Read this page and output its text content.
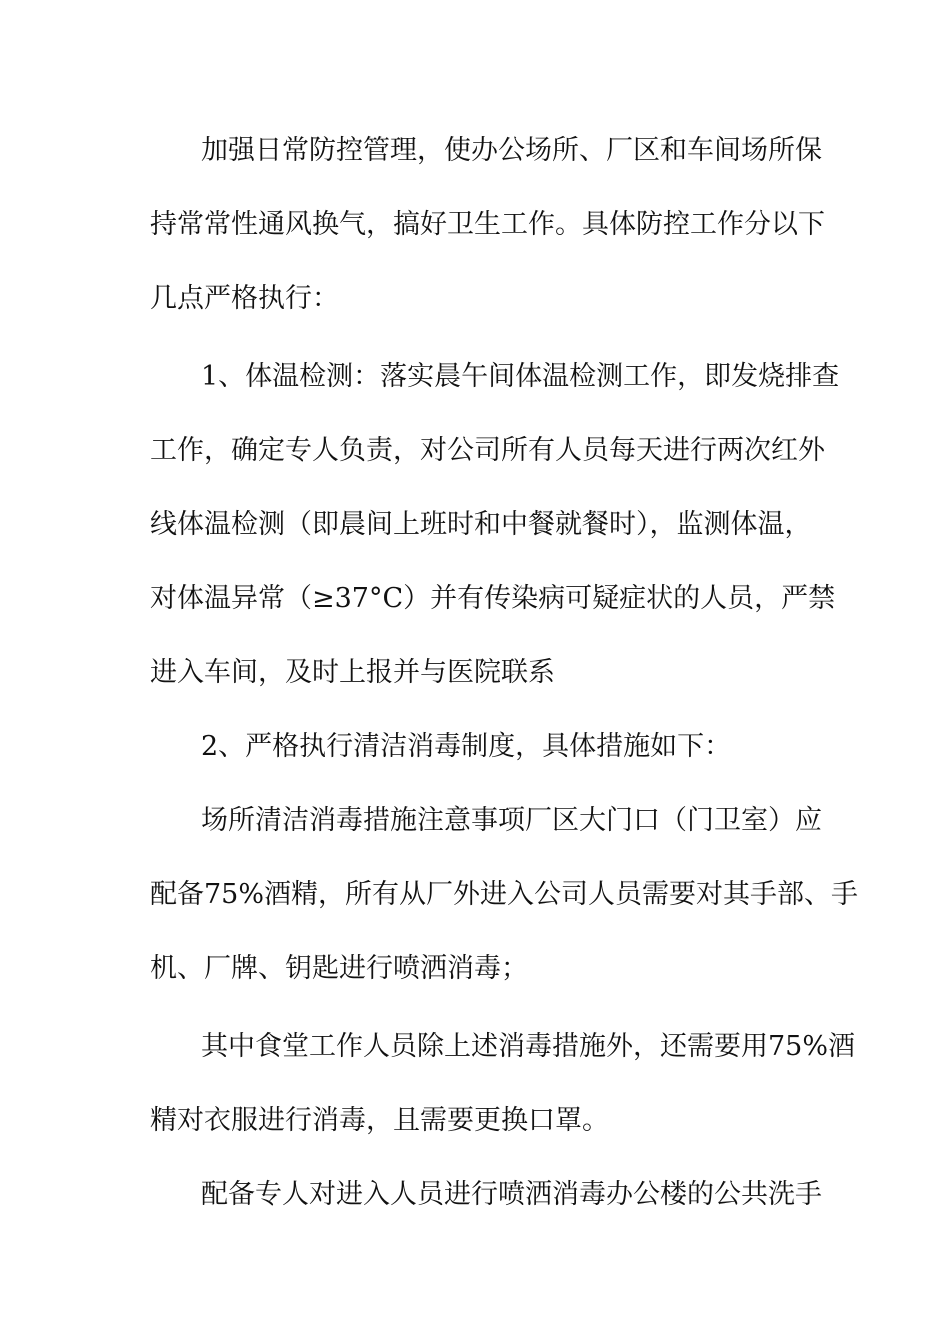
加强日常防控管理，使办公场所、厂区和车间场所保
持常常性通风换气，搞好卫生工作。具体防控工作分以下
几点严格执行：
1、体温检测：落实晨午间体温检测工作，即发烧排查
工作，确定专人负责，对公司所有人员每天进行两次红外
线体温检测（即晨间上班时和中餐就餐时），监测体温，
对体温异常（≥37°C）并有传染病可疑症状的人员，严禁
进入车间，及时上报并与医院联系
2、严格执行清洁消毒制度，具体措施如下：
场所清洁消毒措施注意事项厂区大门口（门卫室）应
配备75%酒精，所有从厂外进入公司人员需要对其手部、手
机、厂牌、钥匙进行喷洒消毒；
其中食堂工作人员除上述消毒措施外，还需要用75%酒
精对衣服进行消毒，且需要更换口罩。
配备专人对进入人员进行喷洒消毒办公楼的公共洗手
